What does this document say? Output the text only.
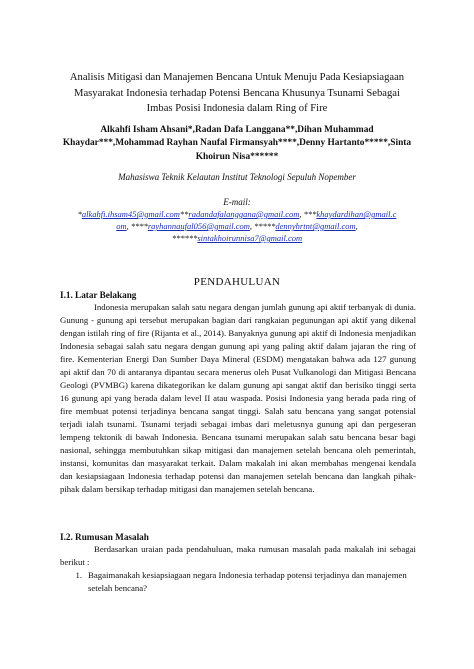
Analisis Mitigasi dan Manajemen Bencana Untuk Menuju Pada Kesiapsiagaan
Masyarakat Indonesia terhadap Potensi Bencana Khusunya Tsunami Sebagai
Imbas Posisi Indonesia dalam Ring of Fire
Alkahfi Isham Ahsani*,Radan Dafa Langgana**,Dihan Muhammad
Khaydar***,Mohammad Rayhan Naufal Firmansyah****,Denny Hartanto*****,Sinta
Khoirun Nisa******
Mahasiswa Teknik Kelautan Institut Teknologi Sepuluh Nopember
E-mail:
*alkahfi.ihsam45@gmail.com**radandafalanggana@gmail.com, ***khaydardihan@gmail.c
om, ****rayhannaufal056@gmail.com, *****dennyhrtnt@gmail.com,
******sintakhoirunnisa7@gmail.com
PENDAHULUAN
I.1. Latar Belakang
Indonesia merupakan salah satu negara dengan jumlah gunung api aktif terbanyak di dunia. Gunung - gunung api tersebut merupakan bagian dari rangkaian pegunungan api aktif yang dikenal dengan istilah ring of fire (Rijanta et al., 2014). Banyaknya gunung api aktif di Indonesia menjadikan Indonesia sebagai salah satu negara dengan gunung api yang paling aktif dalam jajaran the ring of fire. Kementerian Energi Dan Sumber Daya Mineral (ESDM) mengatakan bahwa ada 127 gunung api aktif dan 70 di antaranya dipantau secara menerus oleh Pusat Vulkanologi dan Mitigasi Bencana Geologi (PVMBG) karena dikategorikan ke dalam gunung api sangat aktif dan berisiko tinggi serta 16 gunung api yang berada dalam level II atau waspada. Posisi Indonesia yang berada pada ring of fire membuat potensi terjadinya bencana sangat tinggi. Salah satu bencana yang sangat potensial terjadi ialah tsunami. Tsunami terjadi sebagai imbas dari meletusnya gunung api dan pergeseran lempeng tektonik di bawah Indonesia. Bencana tsunami merupakan salah satu bencana besar bagi nasional, sehingga membutuhkan sikap mitigasi dan manajemen setelah bencana oleh pemerintah, instansi, komunitas dan masyarakat terkait. Dalam makalah ini akan membahas mengenai kendala dan kesiapsiagaan Indonesia terhadap potensi dan manajemen setelah bencana dan langkah pihak-pihak dalam bersikap terhadap mitigasi dan manajemen setelah bencana.
I.2. Rumusan Masalah
Berdasarkan uraian pada pendahuluan, maka rumusan masalah pada makalah ini sebagai berikut :
1. Bagaimanakah kesiapsiagaan negara Indonesia terhadap potensi terjadinya dan manajemen setelah bencana?
